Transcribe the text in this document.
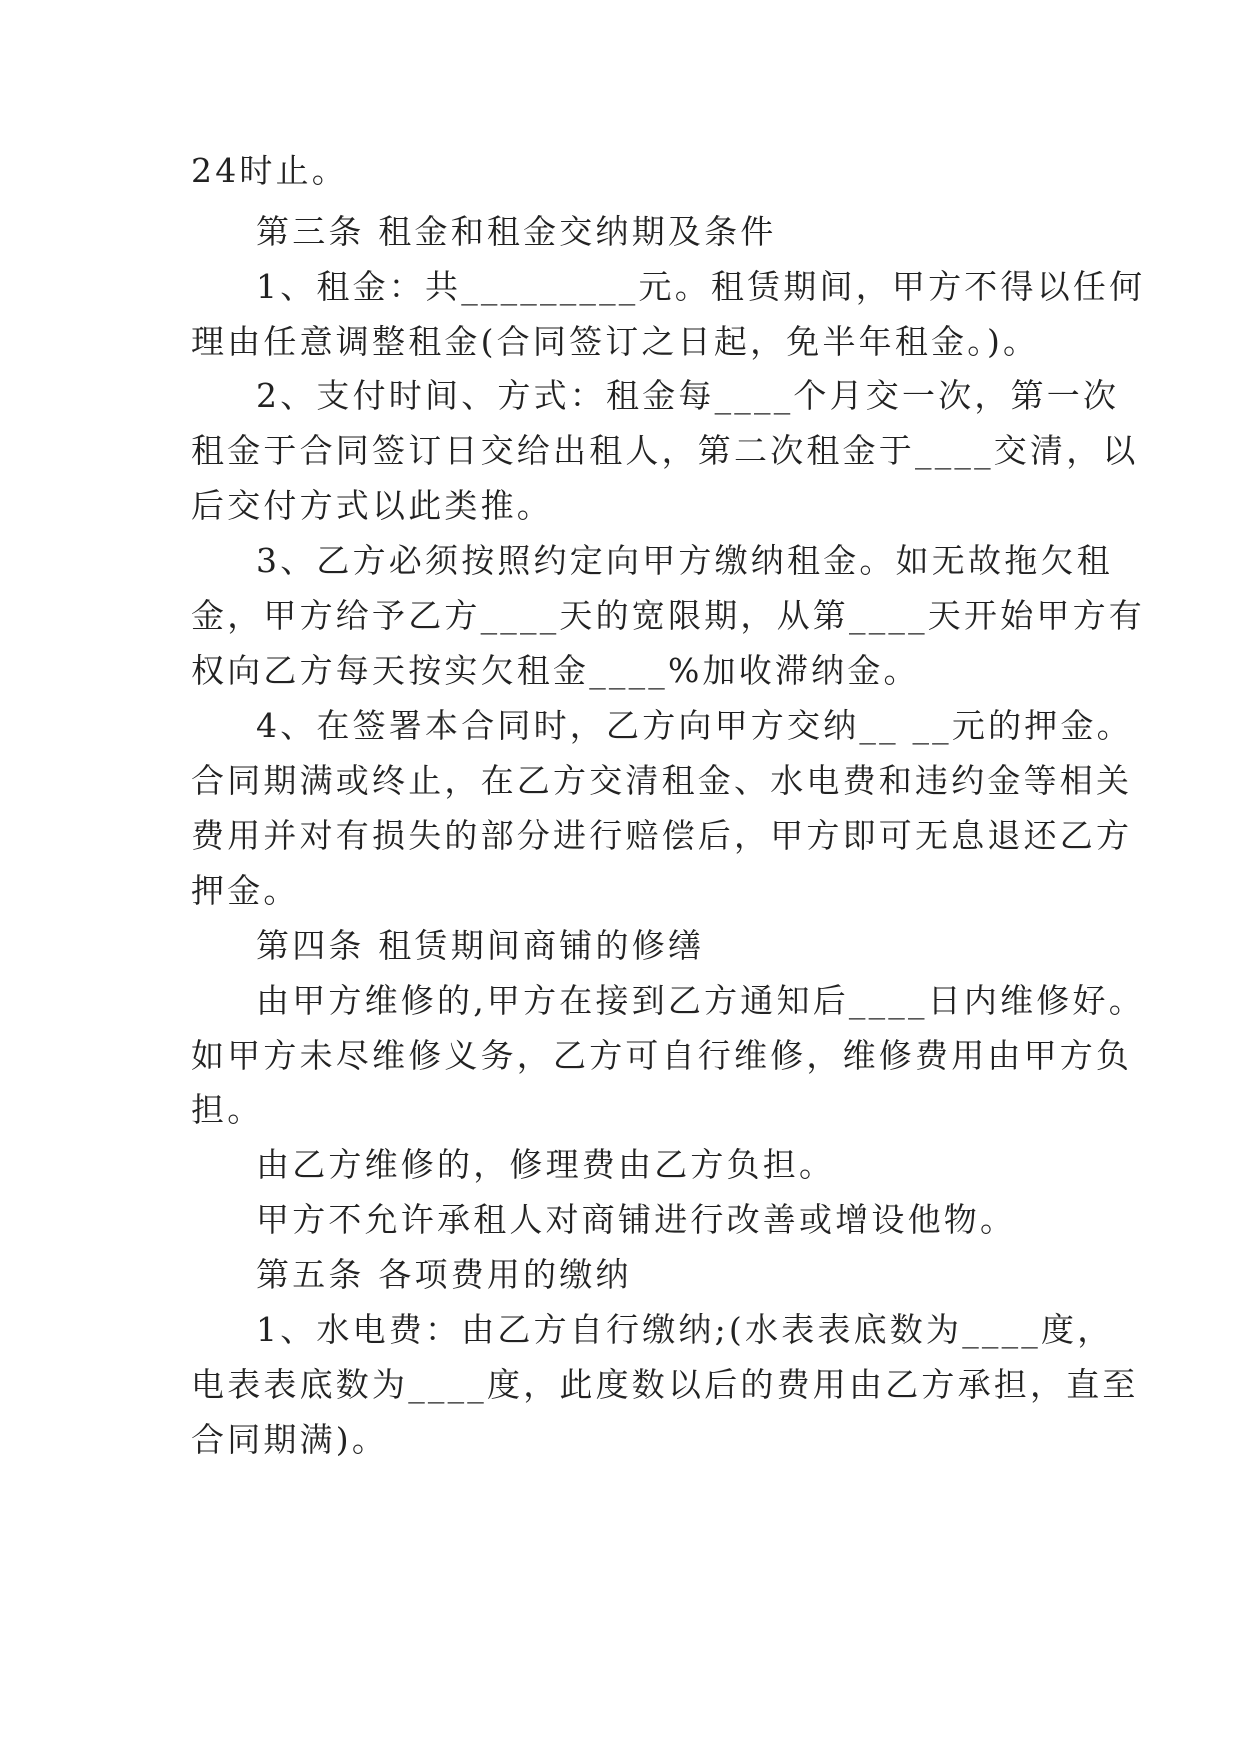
24时止。
第三条 租金和租金交纳期及条件
1、租金：共_________元。租赁期间，甲方不得以任何
理由任意调整租金(合同签订之日起，免半年租金。)。
2、支付时间、方式：租金每____个月交一次，第一次
租金于合同签订日交给出租人，第二次租金于____交清，以
后交付方式以此类推。
3、乙方必须按照约定向甲方缴纳租金。如无故拖欠租
金，甲方给予乙方____天的宽限期，从第____天开始甲方有
权向乙方每天按实欠租金____%加收滞纳金。
4、在签署本合同时，乙方向甲方交纳__ __元的押金。
合同期满或终止，在乙方交清租金、水电费和违约金等相关
费用并对有损失的部分进行赔偿后，甲方即可无息退还乙方
押金。
第四条 租赁期间商铺的修缮
由甲方维修的,甲方在接到乙方通知后____日内维修好。
如甲方未尽维修义务，乙方可自行维修，维修费用由甲方负
担。
由乙方维修的，修理费由乙方负担。
甲方不允许承租人对商铺进行改善或增设他物。
第五条 各项费用的缴纳
1、水电费：由乙方自行缴纳;(水表表底数为____度，
电表表底数为____度，此度数以后的费用由乙方承担，直至
合同期满)。
